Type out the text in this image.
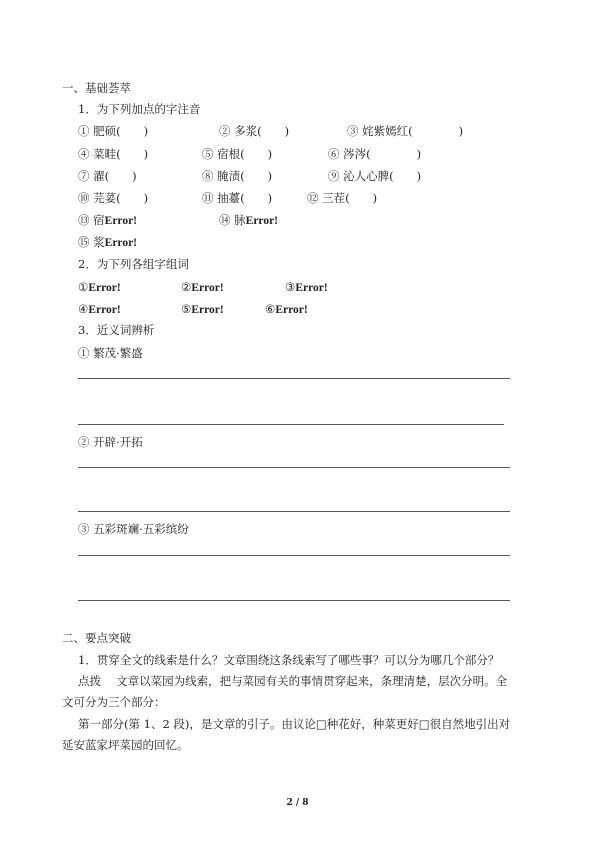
一、基础荟萃
1．为下列加点的字注音
① 肥硕(　　)	② 多浆(　　)	③ 姹紫嫣红(　　　　)
④ 菜畦(　　)	⑤ 宿根(　　)	⑥ 涔涔(　　　　)
⑦ 濯(　　)	⑧ 腌渍(　　)	⑨ 沁人心脾(　　)
⑩ 芫荽(　　)	⑪ 抽薹(　　)	⑫ 三茬(　　)
⑬ 宿Error!	⑭ 脉Error!
⑮ 浆Error!
2．为下列各组字组词
①Error!	②Error!	③Error!
④Error!	⑤Error!	⑥Error!
3．近义词辨析
① 繁茂·繁盛
② 开辟·开拓
③ 五彩斑斓·五彩缤纷
二、要点突破
1．贯穿全文的线索是什么？文章围绕这条线索写了哪些事？可以分为哪几个部分？
点拨　 文章以菜园为线索，把与菜园有关的事情贯穿起来，条理清楚，层次分明。全文可分为三个部分：
第一部分(第 1、2 段)，是文章的引子。由议论□种花好，种菜更好□很自然地引出对延安蓝家坪菜园的回忆。
2 / 8
